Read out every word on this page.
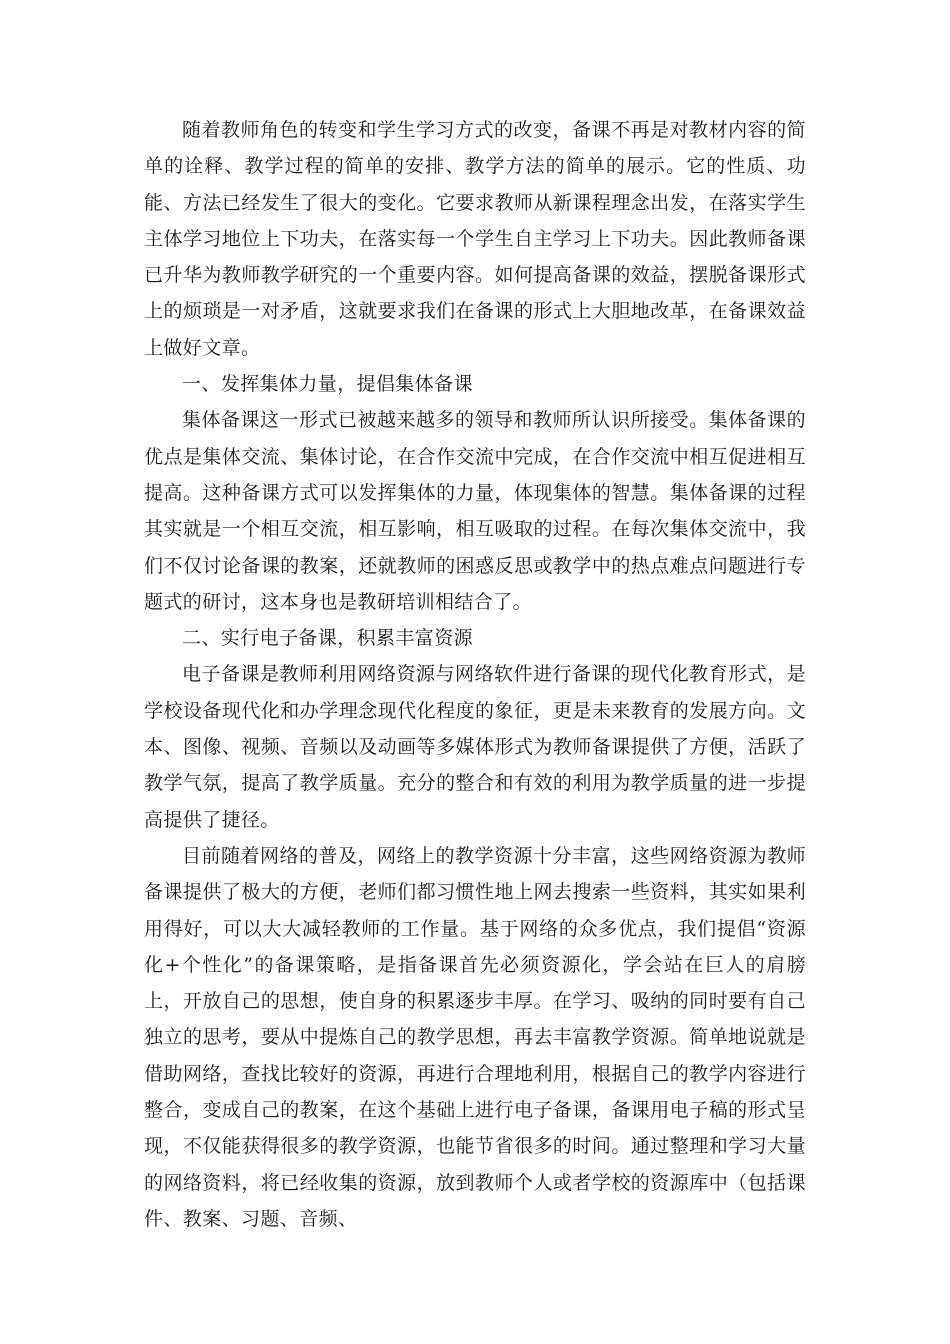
随着教师角色的转变和学生学习方式的改变，备课不再是对教材内容的简单的诠释、教学过程的简单的安排、教学方法的简单的展示。它的性质、功能、方法已经发生了很大的变化。它要求教师从新课程理念出发，在落实学生主体学习地位上下功夫，在落实每一个学生自主学习上下功夫。因此教师备课已升华为教师教学研究的一个重要内容。如何提高备课的效益，摆脱备课形式上的烦琐是一对矛盾，这就要求我们在备课的形式上大胆地改革，在备课效益上做好文章。

一、发挥集体力量，提倡集体备课

集体备课这一形式已被越来越多的领导和教师所认识所接受。集体备课的优点是集体交流、集体讨论，在合作交流中完成，在合作交流中相互促进相互提高。这种备课方式可以发挥集体的力量，体现集体的智慧。集体备课的过程其实就是一个相互交流，相互影响，相互吸取的过程。在每次集体交流中，我们不仅讨论备课的教案，还就教师的困惑反思或教学中的热点难点问题进行专题式的研讨，这本身也是教研培训相结合了。

二、实行电子备课，积累丰富资源

电子备课是教师利用网络资源与网络软件进行备课的现代化教育形式，是学校设备现代化和办学理念现代化程度的象征，更是未来教育的发展方向。文本、图像、视频、音频以及动画等多媒体形式为教师备课提供了方便，活跃了教学气氛，提高了教学质量。充分的整合和有效的利用为教学质量的进一步提高提供了捷径。

目前随着网络的普及，网络上的教学资源十分丰富，这些网络资源为教师备课提供了极大的方便，老师们都习惯性地上网去搜索一些资料，其实如果利用得好，可以大大减轻教师的工作量。基于网络的众多优点，我们提倡“资源化+个性化”的备课策略，是指备课首先必须资源化，学会站在巨人的肩膀上，开放自己的思想，使自身的积累逐步丰厚。在学习、吸纳的同时要有自己独立的思考，要从中提炼自己的教学思想，再去丰富教学资源。简单地说就是借助网络，查找比较好的资源，再进行合理地利用，根据自己的教学内容进行整合，变成自己的教案，在这个基础上进行电子备课，备课用电子稿的形式呈现，不仅能获得很多的教学资源，也能节省很多的时间。通过整理和学习大量的网络资料，将已经收集的资源，放到教师个人或者学校的资源库中（包括课件、教案、习题、音频、
